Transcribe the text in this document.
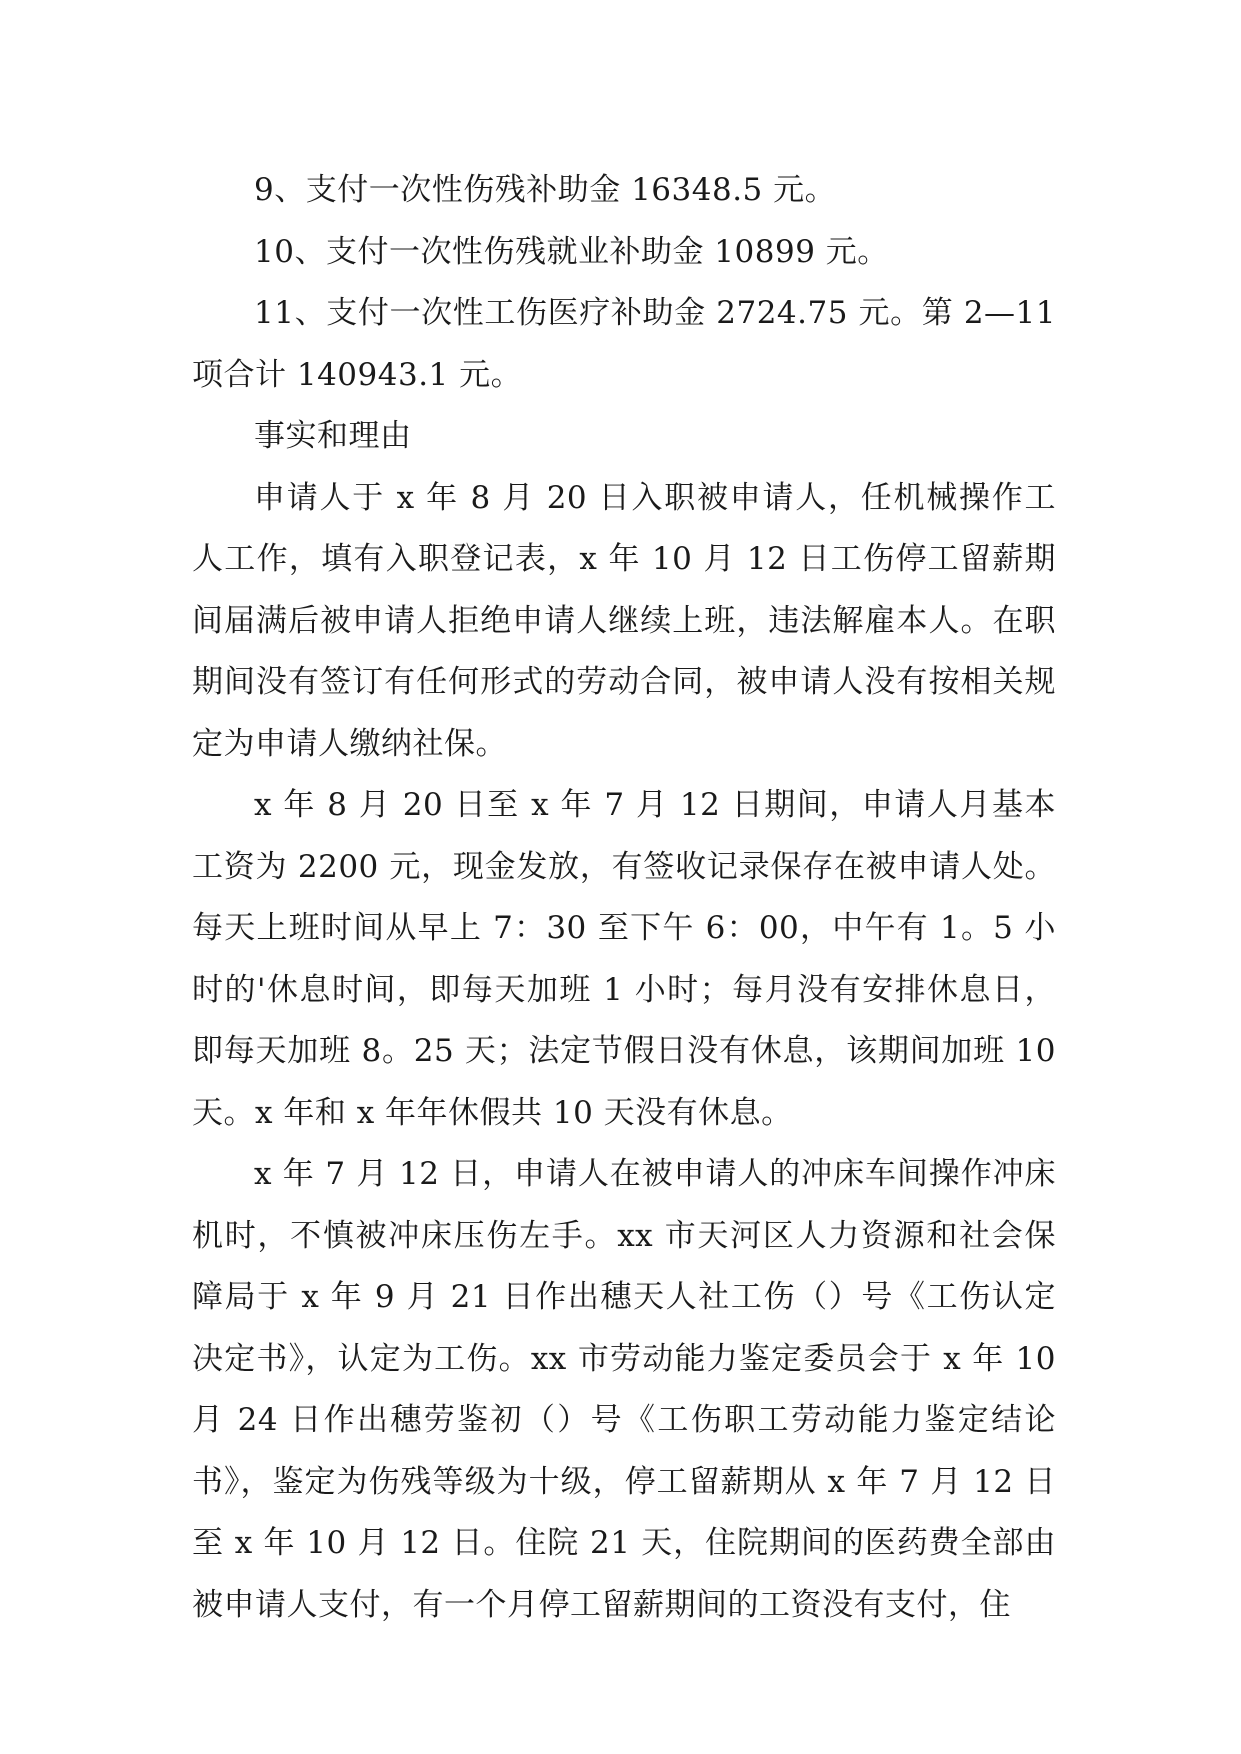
9、支付一次性伤残补助金 16348.5 元。

10、支付一次性伤残就业补助金 10899 元。

11、支付一次性工伤医疗补助金 2724.75 元。第 2—11 项合计 140943.1 元。

事实和理由

申请人于 x 年 8 月 20 日入职被申请人，任机械操作工人工作，填有入职登记表，x 年 10 月 12 日工伤停工留薪期间届满后被申请人拒绝申请人继续上班，违法解雇本人。在职期间没有签订有任何形式的劳动合同，被申请人没有按相关规定为申请人缴纳社保。

x 年 8 月 20 日至 x 年 7 月 12 日期间，申请人月基本工资为 2200 元，现金发放，有签收记录保存在被申请人处。每天上班时间从早上 7：30 至下午 6：00，中午有 1。5 小时的'休息时间，即每天加班 1 小时；每月没有安排休息日，即每天加班 8。25 天；法定节假日没有休息，该期间加班 10 天。x 年和 x 年年休假共 10 天没有休息。

x 年 7 月 12 日，申请人在被申请人的冲床车间操作冲床机时，不慎被冲床压伤左手。xx 市天河区人力资源和社会保障局于 x 年 9 月 21 日作出穗天人社工伤（）号《工伤认定决定书》，认定为工伤。xx 市劳动能力鉴定委员会于 x 年 10 月 24 日作出穗劳鉴初（）号《工伤职工劳动能力鉴定结论书》，鉴定为伤残等级为十级，停工留薪期从 x 年 7 月 12 日至 x 年 10 月 12 日。住院 21 天，住院期间的医药费全部由被申请人支付，有一个月停工留薪期间的工资没有支付，住
